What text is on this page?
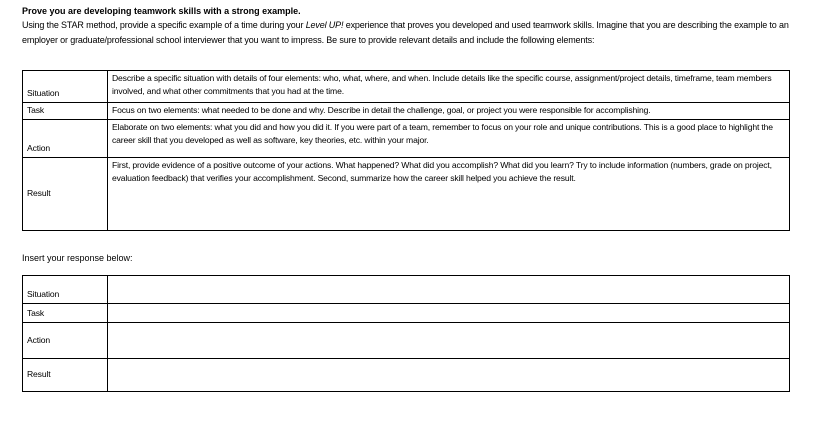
Prove you are developing teamwork skills with a strong example.
Using the STAR method, provide a specific example of a time during your Level UP! experience that proves you developed and used teamwork skills. Imagine that you are describing the example to an employer or graduate/professional school interviewer that you want to impress. Be sure to provide relevant details and include the following elements:
Situation	Describe a specific situation with details of four elements: who, what, where, and when. Include details like the specific course, assignment/project details, timeframe, team members involved, and what other commitments that you had at the time.
Task	Focus on two elements: what needed to be done and why. Describe in detail the challenge, goal, or project you were responsible for accomplishing.
Action	Elaborate on two elements: what you did and how you did it. If you were part of a team, remember to focus on your role and unique contributions. This is a good place to highlight the career skill that you developed as well as software, key theories, etc. within your major.
Result	First, provide evidence of a positive outcome of your actions. What happened? What did you accomplish? What did you learn? Try to include information (numbers, grade on project, evaluation feedback) that verifies your accomplishment. Second, summarize how the career skill helped you achieve the result.
Insert your response below:
Situation	
Task	
Action	
Result	
